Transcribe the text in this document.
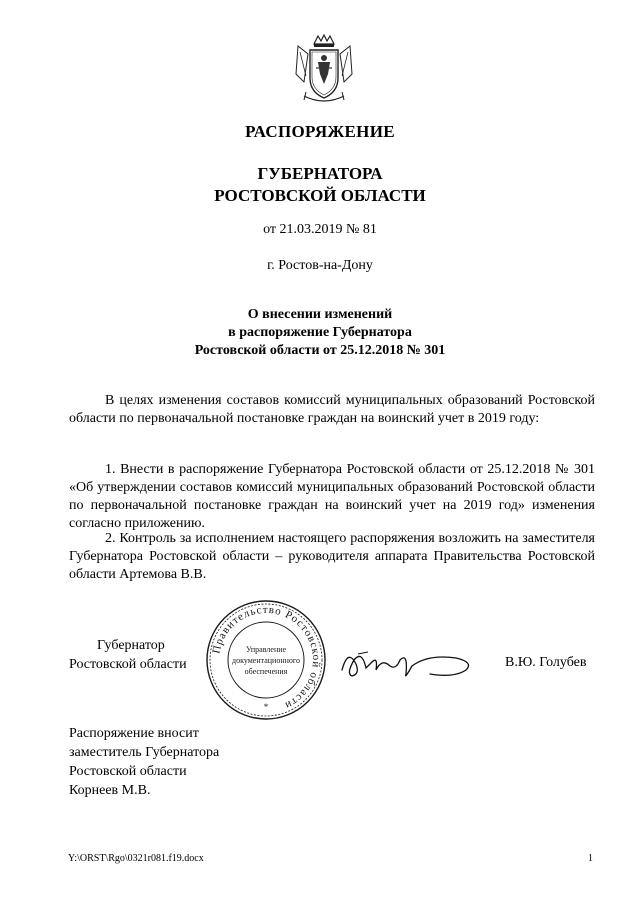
РАСПОРЯЖЕНИЕ
ГУБЕРНАТОРА
РОСТОВСКОЙ ОБЛАСТИ
от 21.03.2019 № 81
г. Ростов-на-Дону
О внесении изменений
в распоряжение Губернатора
Ростовской области от 25.12.2018 № 301

В целях изменения составов комиссий муниципальных образований Ростовской области по первоначальной постановке граждан на воинский учет в 2019 году:

1. Внести в распоряжение Губернатора Ростовской области от 25.12.2018 № 301 «Об утверждении составов комиссий муниципальных образований Ростовской области по первоначальной постановке граждан на воинский учет на 2019 год» изменения согласно приложению.

2. Контроль за исполнением настоящего распоряжения возложить на заместителя Губернатора Ростовской области – руководителя аппарата Правительства Ростовской области Артемова В.В.

Губернатор
Ростовской области
Правительство Ростовской области
Управление
документационного
обеспечения
*
В.Ю. Голубев
Распоряжение вносит
заместитель Губернатора
Ростовской области
Корнеев М.В.
Y:\ORST\Rgo\0321r081.f19.docx	1
